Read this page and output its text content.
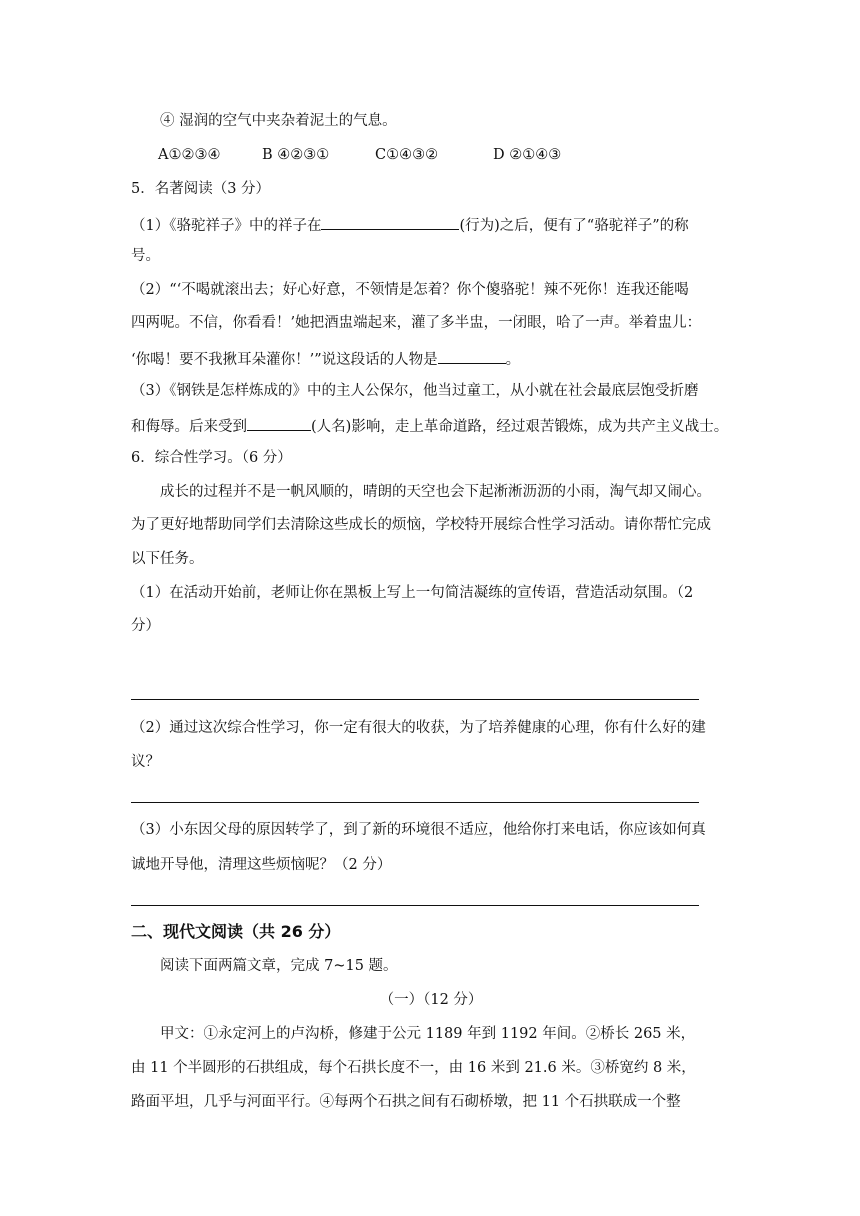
④ 湿润的空气中夹杂着泥土的气息。
A①②③④	B ④②③①	C①④③②	D ②①④③
5．名著阅读（3 分）
（1）《骆驼祥子》中的祥子在	(行为)之后，便有了“骆驼祥子”的称
号。
（2）“‘不喝就滚出去；好心好意，不领情是怎着？你个傻骆驼！辣不死你！连我还能喝
四两呢。不信，你看看！’她把酒盅端起来，灌了多半盅，一闭眼，哈了一声。举着盅儿：
‘你喝！要不我揪耳朵灌你！’”说这段话的人物是	。
（3）《钢铁是怎样炼成的》中的主人公保尔，他当过童工，从小就在社会最底层饱受折磨
和侮辱。后来受到	(人名)影响，走上革命道路，经过艰苦锻炼，成为共产主义战士。
6．综合性学习。（6 分）
成长的过程并不是一帆风顺的，晴朗的天空也会下起淅淅沥沥的小雨，淘气却又闹心。
为了更好地帮助同学们去清除这些成长的烦恼，学校特开展综合性学习活动。请你帮忙完成
以下任务。
（1）在活动开始前，老师让你在黑板上写上一句简洁凝练的宣传语，营造活动氛围。（2
分）
（2）通过这次综合性学习，你一定有很大的收获，为了培养健康的心理，你有什么好的建
议？
（3）小东因父母的原因转学了，到了新的环境很不适应，他给你打来电话，你应该如何真
诚地开导他，清理这些烦恼呢？（2 分）
二、现代文阅读（共 26 分）
阅读下面两篇文章，完成 7~15 题。
（一）（12 分）
甲文：①永定河上的卢沟桥，修建于公元 1189 年到 1192 年间。②桥长 265 米，
由 11 个半圆形的石拱组成，每个石拱长度不一，由 16 米到 21.6 米。③桥宽约 8 米，
路面平坦，几乎与河面平行。④每两个石拱之间有石砌桥墩，把 11 个石拱联成一个整
